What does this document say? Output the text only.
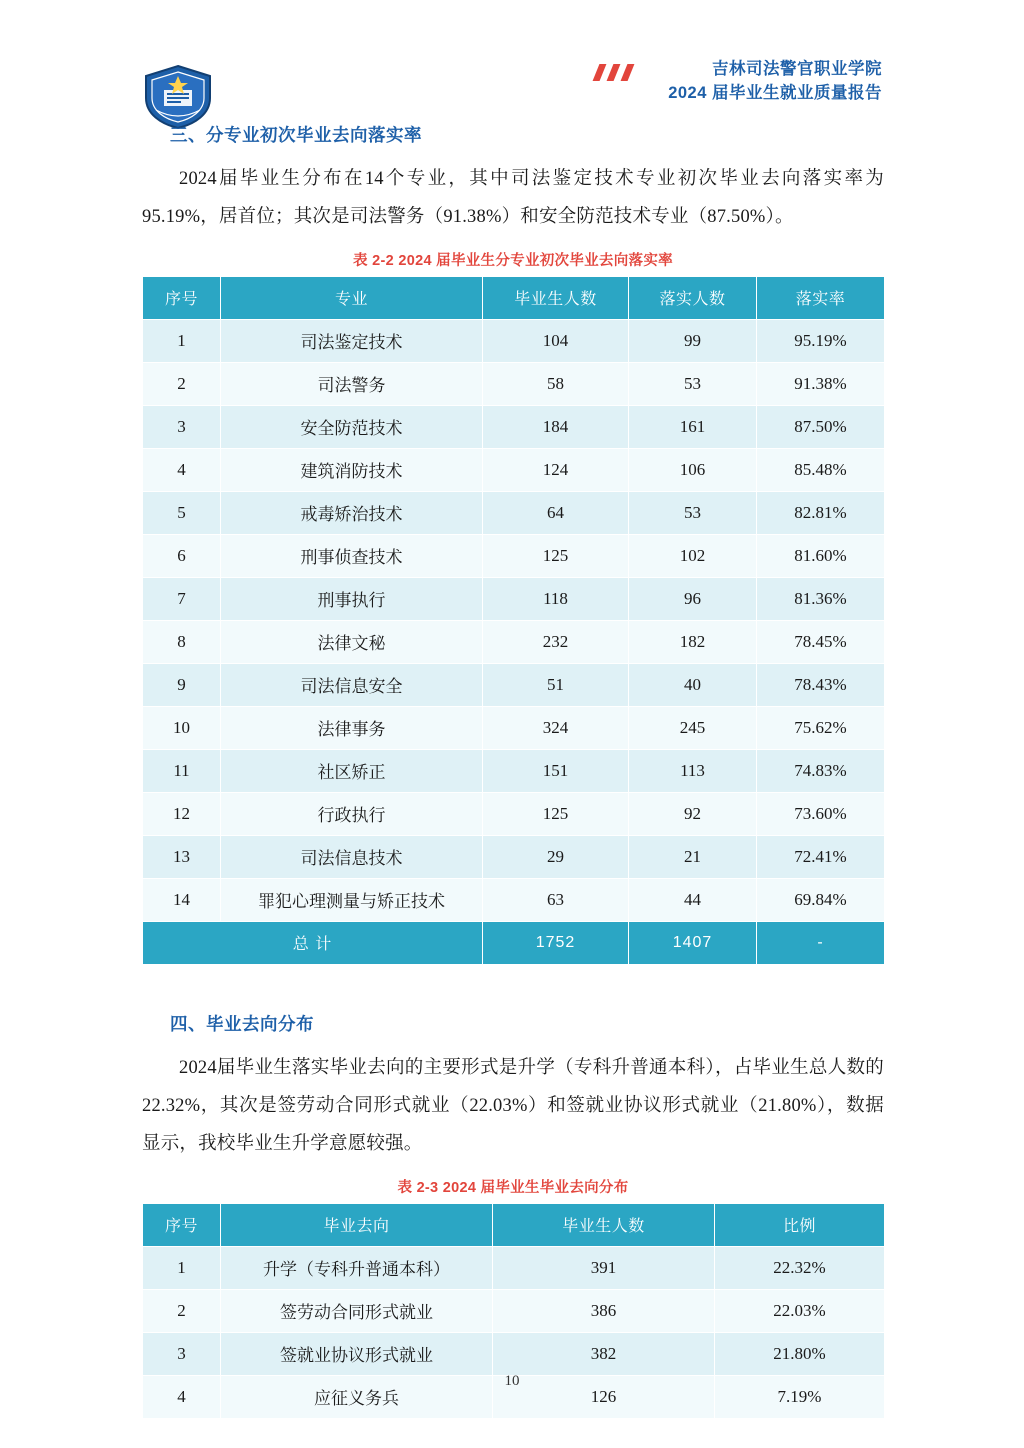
吉林司法警官职业学院
2024 届毕业生就业质量报告
三、分专业初次毕业去向落实率

2024届毕业生分布在14个专业，其中司法鉴定技术专业初次毕业去向落实率为95.19%，居首位；其次是司法警务（91.38%）和安全防范技术专业（87.50%）。

表 2-2 2024 届毕业生分专业初次毕业去向落实率
序号	专业	毕业生人数	落实人数	落实率
1	司法鉴定技术	104	99	95.19%
2	司法警务	58	53	91.38%
3	安全防范技术	184	161	87.50%
4	建筑消防技术	124	106	85.48%
5	戒毒矫治技术	64	53	82.81%
6	刑事侦查技术	125	102	81.60%
7	刑事执行	118	96	81.36%
8	法律文秘	232	182	78.45%
9	司法信息安全	51	40	78.43%
10	法律事务	324	245	75.62%
11	社区矫正	151	113	74.83%
12	行政执行	125	92	73.60%
13	司法信息技术	29	21	72.41%
14	罪犯心理测量与矫正技术	63	44	69.84%
总 计		1752	1407	-
四、毕业去向分布

2024届毕业生落实毕业去向的主要形式是升学（专科升普通本科），占毕业生总人数的22.32%，其次是签劳动合同形式就业（22.03%）和签就业协议形式就业（21.80%），数据显示，我校毕业生升学意愿较强。

表 2-3 2024 届毕业生毕业去向分布
序号	毕业去向	毕业生人数	比例
1	升学（专科升普通本科）	391	22.32%
2	签劳动合同形式就业	386	22.03%
3	签就业协议形式就业	382	21.80%
4	应征义务兵	126	7.19%
10
